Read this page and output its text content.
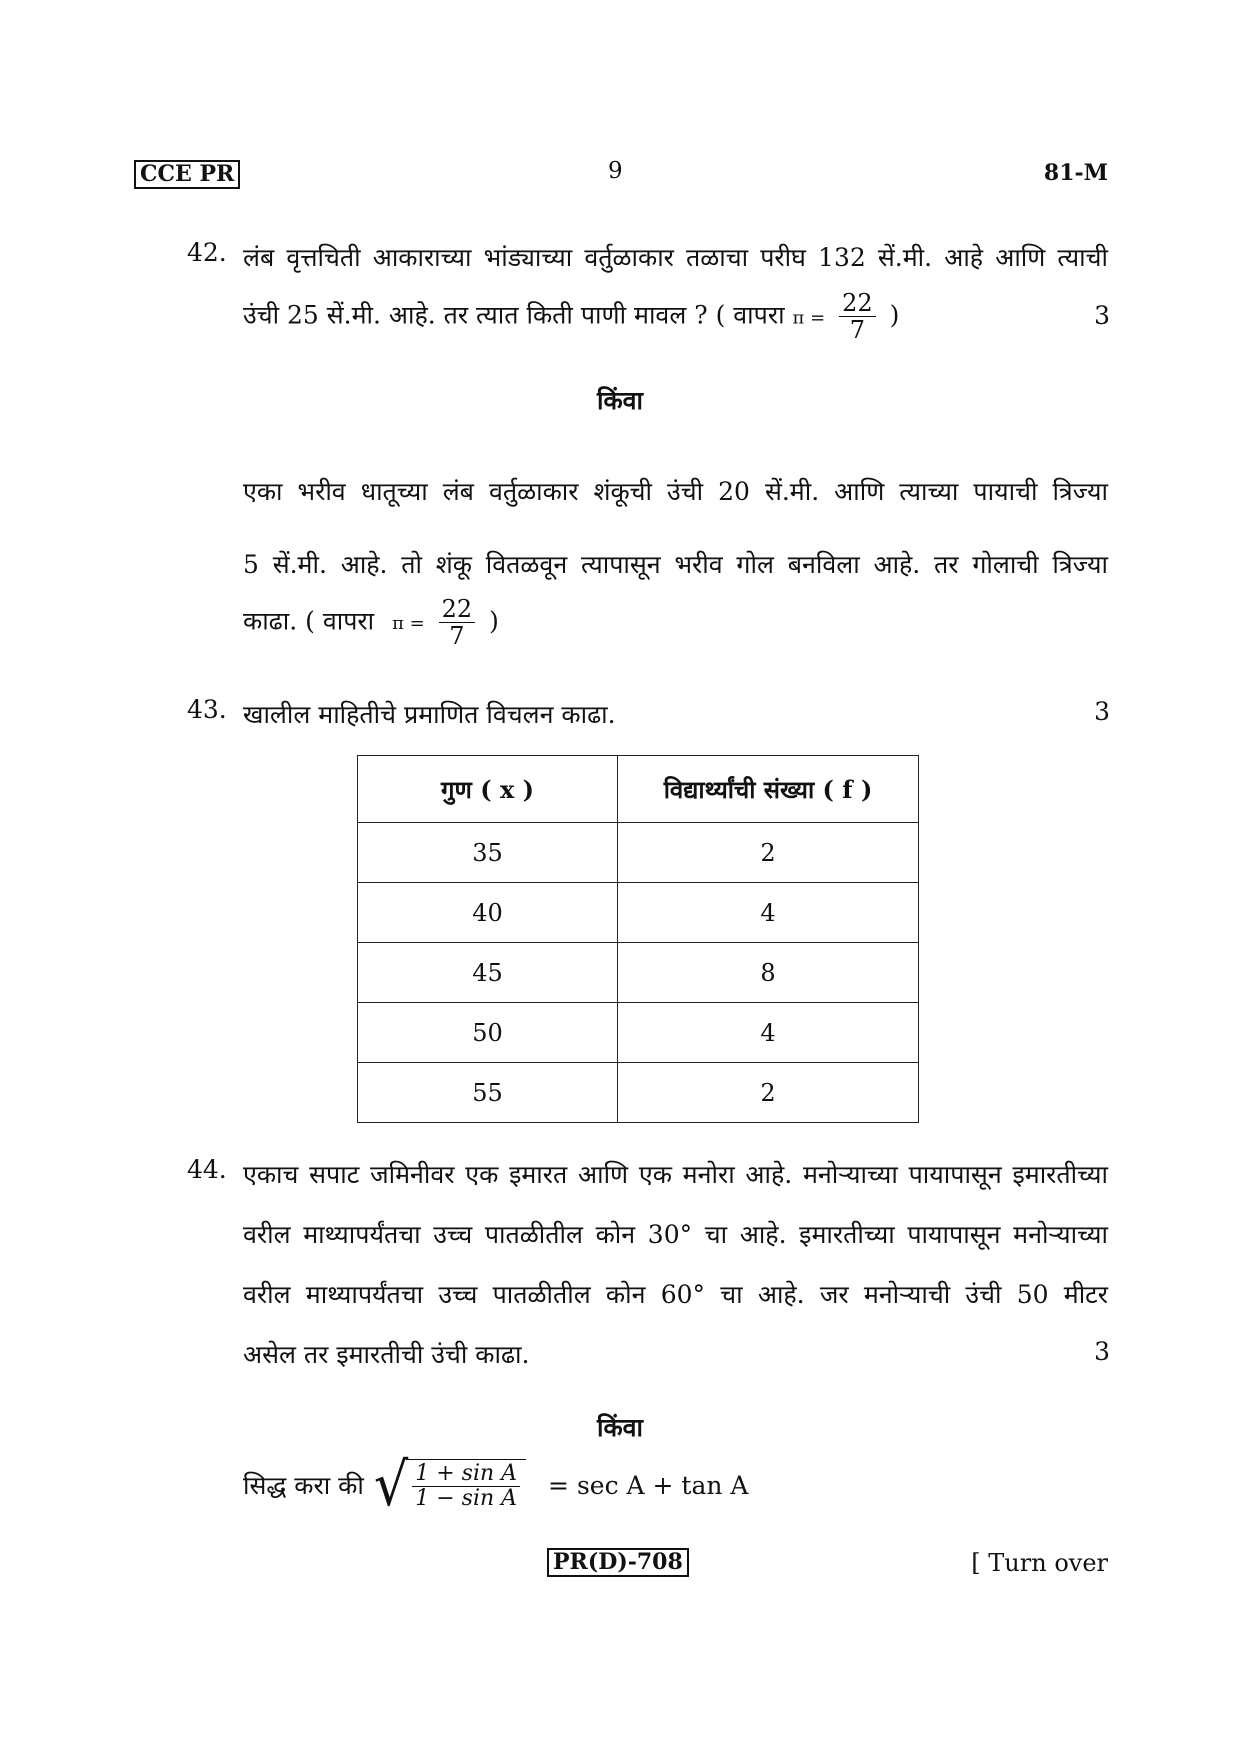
CCE PR	9	81-M
42. लंब वृत्तचिती आकाराच्या भांड्याच्या वर्तुळाकार तळाचा परीघ 132 सें.मी. आहे आणि त्याची
उंची 25 सें.मी. आहे. तर त्यात किती पाणी मावल ? ( वापरा $\pi = \frac{22}{7}$ )	3
किंवा
एका भरीव धातूच्या लंब वर्तुळाकार शंकूची उंची 20 सें.मी. आणि त्याच्या पायाची त्रिज्या
5 सें.मी. आहे. तो शंकू वितळवून त्यापासून भरीव गोल बनविला आहे. तर गोलाची त्रिज्या
काढा. ( वापरा $\pi = \frac{22}{7}$ )
43. खालील माहितीचे प्रमाणित विचलन काढा.	3
गुण ( x )	विद्यार्थ्यांची संख्या ( f )
35	2
40	4
45	8
50	4
55	2
44. एकाच सपाट जमिनीवर एक इमारत आणि एक मनोरा आहे. मनोऱ्याच्या पायापासून इमारतीच्या
वरील माथ्यापर्यंतचा उच्च पातळीतील कोन 30° चा आहे. इमारतीच्या पायापासून मनोऱ्याच्या
वरील माथ्यापर्यंतचा उच्च पातळीतील कोन 60° चा आहे. जर मनोऱ्याची उंची 50 मीटर
असेल तर इमारतीची उंची काढा.	3
किंवा
सिद्ध करा की √ $\frac{\text{1 + sin A}}{\text{1 − sin A}} = \sec A + \tan A$
PR(D)-708	[ Turn over
